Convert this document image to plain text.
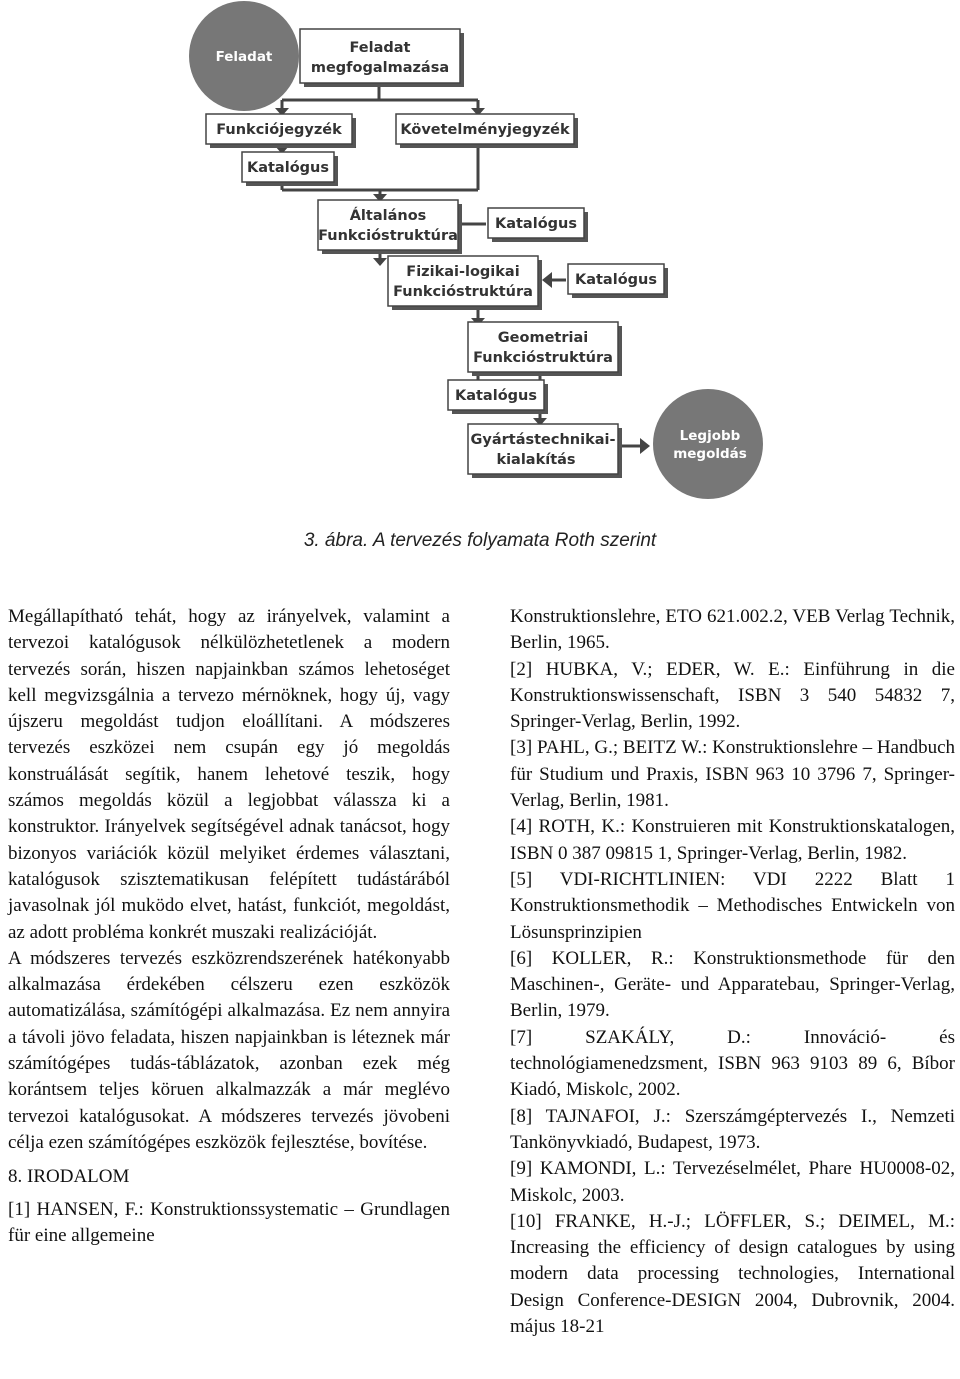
Feladat
Feladat
megfogalmazása
Funkciójegyzék	Követelményjegyzék
Katalógus
Általános
Funkcióstruktúra
Katalógus
Fizikai-logikai
Funkcióstruktúra
Katalógus
Geometriai
Funkcióstruktúra
Katalógus
Gyártástechnikai-
kialakítás
Legjobb
megoldás
3. ábra. A tervezés folyamata Roth szerint

Megállapítható tehát, hogy az irányelvek, valamint a tervezoi katalógusok nélkülözhetetlenek a modern tervezés során, hiszen napjainkban számos lehetoséget kell megvizsgálnia a tervezo mérnöknek, hogy új, vagy újszeru megoldást tudjon eloállítani. A módszeres tervezés eszközei nem csupán egy jó megoldás konstruálását segítik, hanem lehetové teszik, hogy számos megoldás közül a legjobbat válassza ki a konstruktor. Irányelvek segítségével adnak tanácsot, hogy bizonyos variációk közül melyiket érdemes választani, katalógusok szisztematikusan felépített tudástárából javasolnak jól muködo elvet, hatást, funkciót, megoldást, az adott probléma konkrét muszaki realizációját.

A módszeres tervezés eszközrendszerének hatékonyabb alkalmazása érdekében célszeru ezen eszközök automatizálása, számítógépi alkalmazása. Ez nem annyira a távoli jövo feladata, hiszen napjainkban is léteznek már számítógépes tudás-táblázatok, azonban ezek még korántsem teljes köruen alkalmazzák a már meglévo tervezoi katalógusokat. A módszeres tervezés jövobeni célja ezen számítógépes eszközök fejlesztése, bovítése.

8. IRODALOM

[1] HANSEN, F.: Konstruktionssystematic – Grundlagen für eine allgemeine

Konstruktionslehre, ETO 621.002.2, VEB Verlag Technik, Berlin, 1965.

[2] HUBKA, V.; EDER, W. E.: Einführung in die Konstruktionswissenschaft, ISBN 3 540 54832 7, Springer-Verlag, Berlin, 1992.

[3] PAHL, G.; BEITZ W.: Konstruktionslehre – Handbuch für Studium und Praxis, ISBN 963 10 3796 7, Springer-Verlag, Berlin, 1981.

[4] ROTH, K.: Konstruieren mit Konstruktionskatalogen, ISBN 0 387 09815 1, Springer-Verlag, Berlin, 1982.

[5] VDI-RICHTLINIEN: VDI 2222 Blatt 1 Konstruktionsmethodik – Methodisches Entwickeln von Lösunsprinzipien

[6] KOLLER, R.: Konstruktionsmethode für den Maschinen-, Geräte- und Apparatebau, Springer-Verlag, Berlin, 1979.

[7] SZAKÁLY, D.: Innováció- és technológiamenedzsment, ISBN 963 9103 89 6, Bíbor Kiadó, Miskolc, 2002.

[8] TAJNAFOI, J.: Szerszámgéptervezés I., Nemzeti Tankönyvkiadó, Budapest, 1973.

[9] KAMONDI, L.: Tervezéselmélet, Phare HU0008-02, Miskolc, 2003.

[10] FRANKE, H.-J.; LÖFFLER, S.; DEIMEL, M.: Increasing the efficiency of design catalogues by using modern data processing technologies, International Design Conference-DESIGN 2004, Dubrovnik, 2004. május 18-21
